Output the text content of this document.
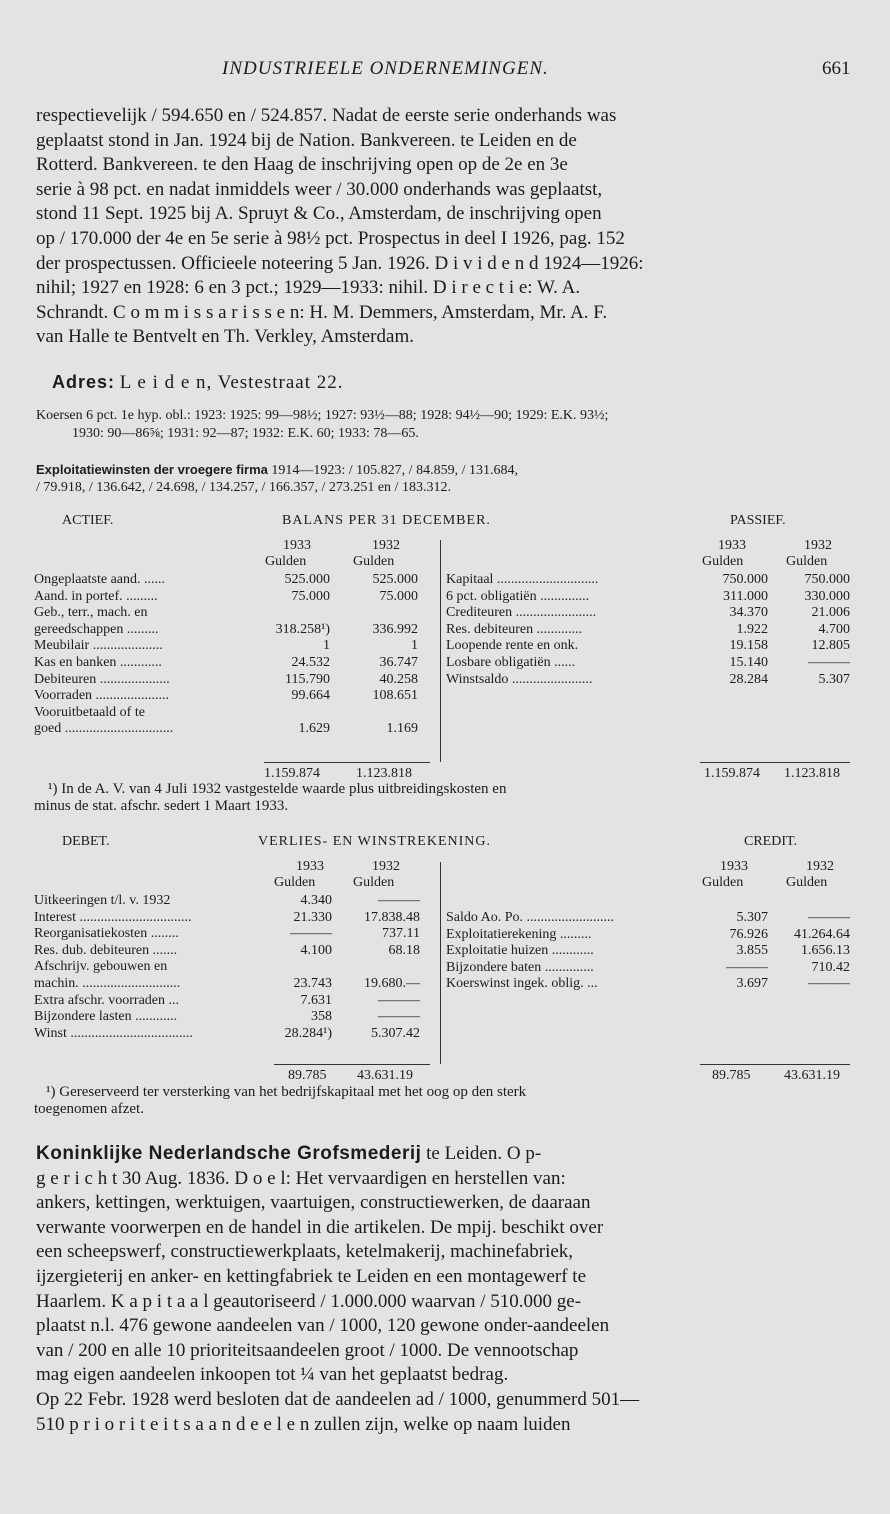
INDUSTRIEELE ONDERNEMINGEN.	661
respectievelijk / 594.650 en / 524.857. Nadat de eerste serie onderhands was
geplaatst stond in Jan. 1924 bij de Nation. Bankvereen. te Leiden en de
Rotterd. Bankvereen. te den Haag de inschrijving open op de 2e en 3e
serie à 98 pct. en nadat inmiddels weer / 30.000 onderhands was geplaatst,
stond 11 Sept. 1925 bij A. Spruyt & Co., Amsterdam, de inschrijving open
op / 170.000 der 4e en 5e serie à 98½ pct. Prospectus in deel I 1926, pag. 152
der prospectussen. Officieele noteering 5 Jan. 1926. D i v i d e n d 1924—1926:
nihil; 1927 en 1928: 6 en 3 pct.; 1929—1933: nihil. D i r e c t i e: W. A.
Schrandt. C o m m i s s a r i s s e n: H. M. Demmers, Amsterdam, Mr. A. F.
van Halle te Bentvelt en Th. Verkley, Amsterdam.
Adres: L e i d e n, Vestestraat 22.
Koersen 6 pct. 1e hyp. obl.: 1923: 1925: 99—98½; 1927: 93½—88; 1928: 94½—90; 1929: E.K. 93½;
1930: 90—86⅝; 1931: 92—87; 1932: E.K. 60; 1933: 78—65.
Exploitatiewinsten der vroegere firma 1914—1923: / 105.827, / 84.859, / 131.684,
/ 79.918, / 136.642, / 24.698, / 134.257, / 166.357, / 273.251 en / 183.312.
ACTIEF.	BALANS PER 31 DECEMBER.	PASSIEF.
1933	1932
Gulden	Gulden
1933	1932
Gulden	Gulden
Ongeplaatste aand. ......	525.000	525.000
Aand. in portef. .........	75.000	75.000
Geb., terr., mach. en
gereedschappen .........	318.258¹)	336.992
Meubilair ....................	1	1
Kas en banken ............	24.532	36.747
Debiteuren ....................	115.790	40.258
Voorraden .....................	99.664	108.651
Vooruitbetaald of te
goed ...............................	1.629	1.169
Kapitaal .............................	750.000	750.000
6 pct. obligatiën ..............	311.000	330.000
Crediteuren .......................	34.370	21.006
Res. debiteuren .............	1.922	4.700
Loopende rente en onk.	19.158	12.805
Losbare obligatiën ......	15.140	———
Winstsaldo .......................	28.284	5.307
1.159.874	1.123.818	1.159.874 1.123.818
¹) In de A. V. van 4 Juli 1932 vastgestelde waarde plus uitbreidingskosten en
minus de stat. afschr. sedert 1 Maart 1933.
DEBET.	VERLIES- EN WINSTREKENING.	CREDIT.
1933	1932
Gulden	Gulden
1933	1932
Gulden	Gulden
Uitkeeringen t/l. v. 1932	4.340	———
Interest ................................	21.330	17.838.48
Reorganisatiekosten ........	———	737.11
Res. dub. debiteuren .......	4.100	68.18
Afschrijv. gebouwen en
machin. ............................	23.743	19.680.—
Extra afschr. voorraden ...	7.631	———
Bijzondere lasten ............	358	———
Winst ...................................	28.284¹)	5.307.42
Saldo Ao. Po. .........................	5.307	———
Exploitatierekening .........	76.926	41.264.64
Exploitatie huizen ............	3.855	1.656.13
Bijzondere baten ..............	———	710.42
Koerswinst ingek. oblig. ...	3.697	———
89.785 43.631.19	89.785 43.631.19
¹) Gereserveerd ter versterking van het bedrijfskapitaal met het oog op den sterk
toegenomen afzet.
Koninklijke Nederlandsche Grofsmederij te Leiden. O p-
g e r i c h t 30 Aug. 1836. D o e l: Het vervaardigen en herstellen van:
ankers, kettingen, werktuigen, vaartuigen, constructiewerken, de daaraan
verwante voorwerpen en de handel in die artikelen. De mpij. beschikt over
een scheepswerf, constructiewerkplaats, ketelmakerij, machinefabriek,
ijzergieterij en anker- en kettingfabriek te Leiden en een montagewerf te
Haarlem. K a p i t a a l geautoriseerd / 1.000.000 waarvan / 510.000 ge-
plaatst n.l. 476 gewone aandeelen van / 1000, 120 gewone onder-aandeelen
van / 200 en alle 10 prioriteitsaandeelen groot / 1000. De vennootschap
mag eigen aandeelen inkoopen tot ¼ van het geplaatst bedrag.
Op 22 Febr. 1928 werd besloten dat de aandeelen ad / 1000, genummerd 501—
510 p r i o r i t e i t s a a n d e e l e n zullen zijn, welke op naam luiden
